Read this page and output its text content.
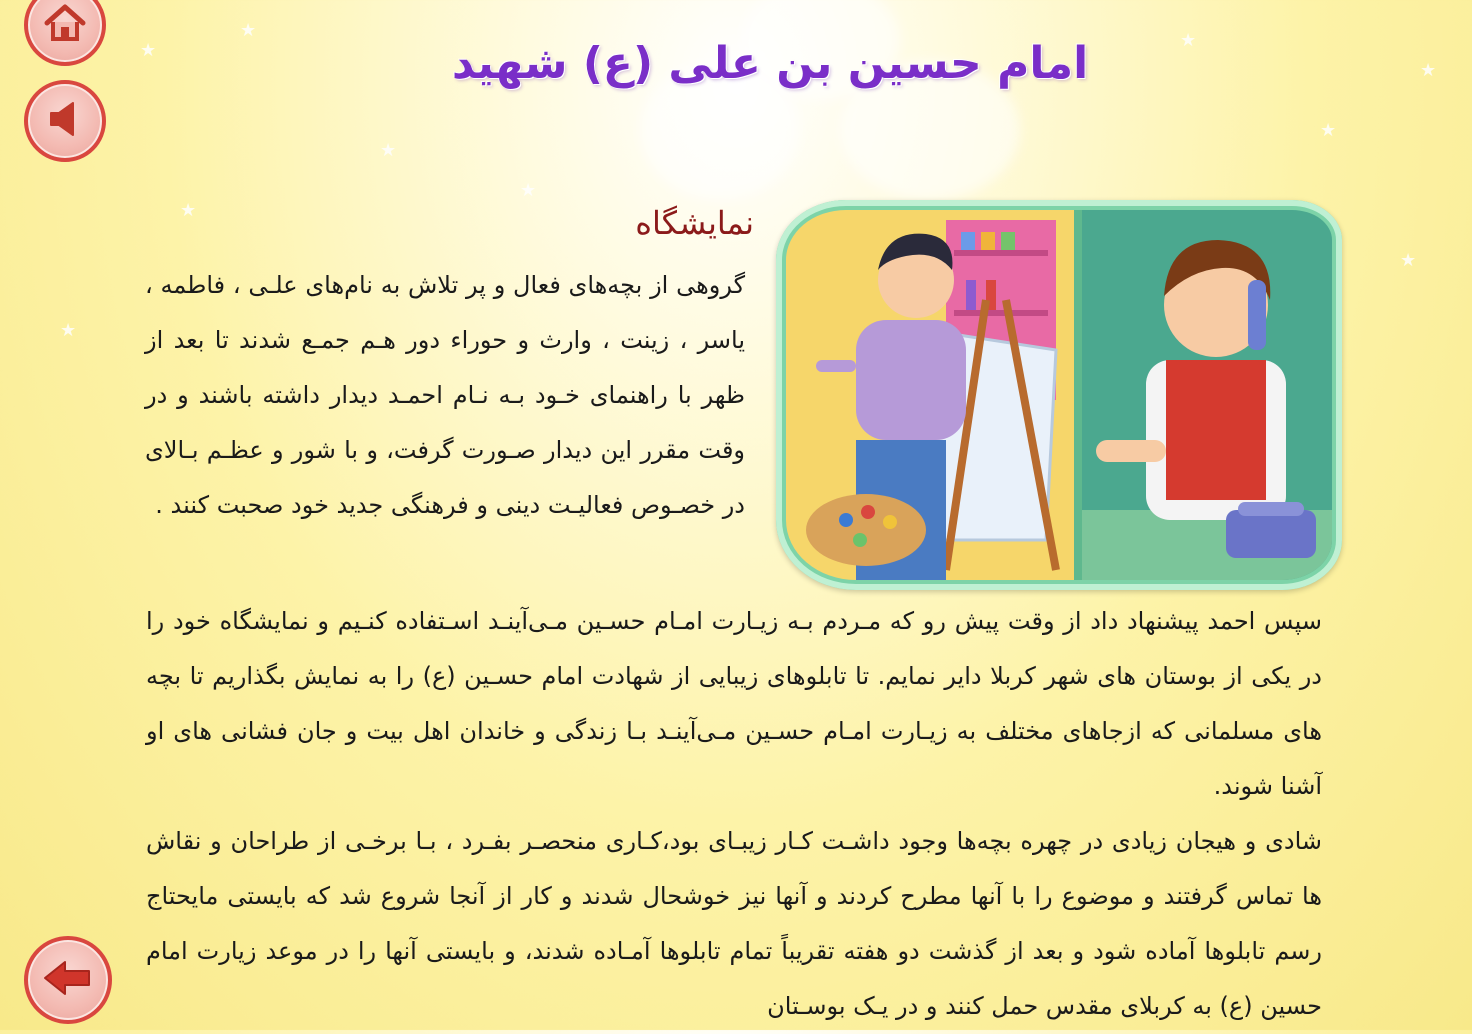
★
★
★
★
★
★
★
★
★
★
امام حسین بن علی (ع) شهید
نمایشگاه
گروهی از بچه‌های فعال و پر تلاش به نام‌های علـی ، فاطمه ، یاسر ، زینت ، وارث و حوراء دور هـم جمـع شدند تا بعد از ظهر با راهنمای خـود بـه نـام احمـد دیدار داشته باشند و در وقت مقرر این دیدار صـورت گرفت، و با شور و عظـم بـالای در خصـوص فعالیـت دینی و فرهنگی جدید خود صحبت کنند .
سپس احمد پیشنهاد داد از وقت پیش رو که مـردم بـه زیـارت امـام حسـین مـی‌آینـد اسـتفاده کنـیم و نمایشگاه خود را در یکی از بوستان های شهر کربلا دایر نمایم. تا تابلوهای زیبایی از شهادت امام حسـین (ع) را به نمایش بگذاریم تا بچه های مسلمانی که ازجاهای مختلف به زیـارت امـام حسـین مـی‌آینـد بـا زندگی و خاندان اهل بیت و جان فشانی های او آشنا شوند.
شادی و هیجان زیادی در چهره بچه‌ها وجود داشـت کـار زیبـای بود،کـاری منحصـر بفـرد ، بـا برخـی از طراحان و نقاش ها تماس گرفتند و موضوع را با آنها مطرح کردند و آنها نیز خوشحال شدند و کار از آنجا شروع شد که بایستی مایحتاج رسم تابلوها آماده شود و بعد از گذشت دو هفته تقریباً تمام تابلوها آمـاده شدند، و بایستی آنها را در موعد زیارت امام حسین (ع) به کربلای مقدس حمل کنند و در یـک بوسـتان
